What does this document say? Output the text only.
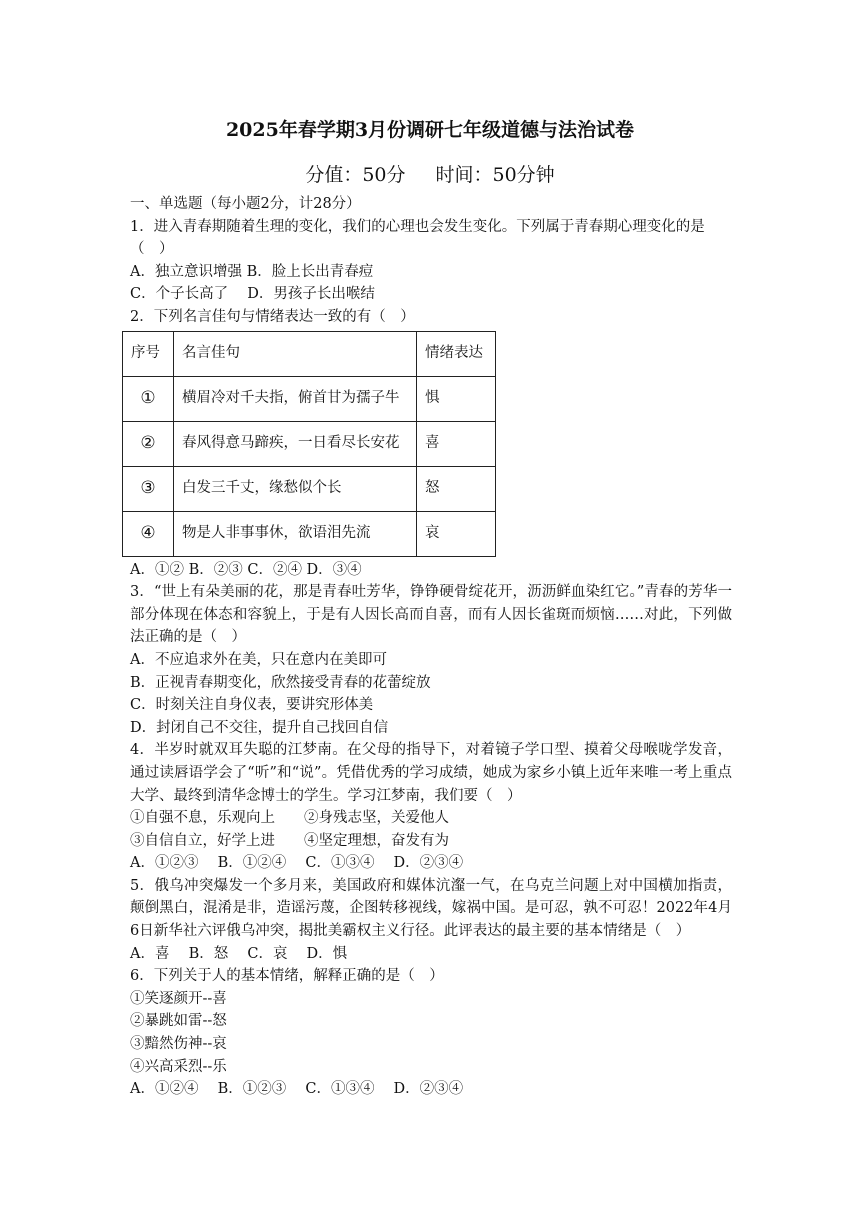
2025年春学期3月份调研七年级道德与法治试卷
分值：50分 时间：50分钟
一、单选题（每小题2分，计28分）
1．进入青春期随着生理的变化，我们的心理也会发生变化。下列属于青春期心理变化的是
（　）
A．独立意识增强 B．脸上长出青春痘
C．个子长高了　 D．男孩子长出喉结
2．下列名言佳句与情绪表达一致的有（　）
序号	名言佳句	情绪表达
①	横眉冷对千夫指，俯首甘为孺子牛	惧
②	春风得意马蹄疾，一日看尽长安花	喜
③	白发三千丈，缘愁似个长	怒
④	物是人非事事休，欲语泪先流	哀
A．①② B．②③ C．②④ D．③④
3．“世上有朵美丽的花，那是青春吐芳华，铮铮硬骨绽花开，沥沥鲜血染红它。”青春的芳华一部分体现在体态和容貌上，于是有人因长高而自喜，而有人因长雀斑而烦恼……对此，下列做法正确的是（　）
A．不应追求外在美，只在意内在美即可
B．正视青春期变化，欣然接受青春的花蕾绽放
C．时刻关注自身仪表，要讲究形体美
D．封闭自己不交往，提升自己找回自信
4．半岁时就双耳失聪的江梦南。在父母的指导下，对着镜子学口型、摸着父母喉咙学发音，通过读唇语学会了“听”和“说”。凭借优秀的学习成绩，她成为家乡小镇上近年来唯一考上重点大学、最终到清华念博士的学生。学习江梦南，我们要（　）
①自强不息，乐观向上　　②身残志坚，关爱他人
③自信自立，好学上进　　④坚定理想，奋发有为
A．①②③　 B．①②④　 C．①③④　 D．②③④
5．俄乌冲突爆发一个多月来，美国政府和媒体沆瀣一气，在乌克兰问题上对中国横加指责，颠倒黑白，混淆是非，造谣污蔑，企图转移视线，嫁祸中国。是可忍，孰不可忍！2022年4月6日新华社六评俄乌冲突，揭批美霸权主义行径。此评表达的最主要的基本情绪是（　）
A．喜　 B．怒　 C．哀　 D．惧
6．下列关于人的基本情绪，解释正确的是（　）
①笑逐颜开--喜
②暴跳如雷--怒
③黯然伤神--哀
④兴高采烈--乐
A．①②④　 B．①②③　 C．①③④　 D．②③④
